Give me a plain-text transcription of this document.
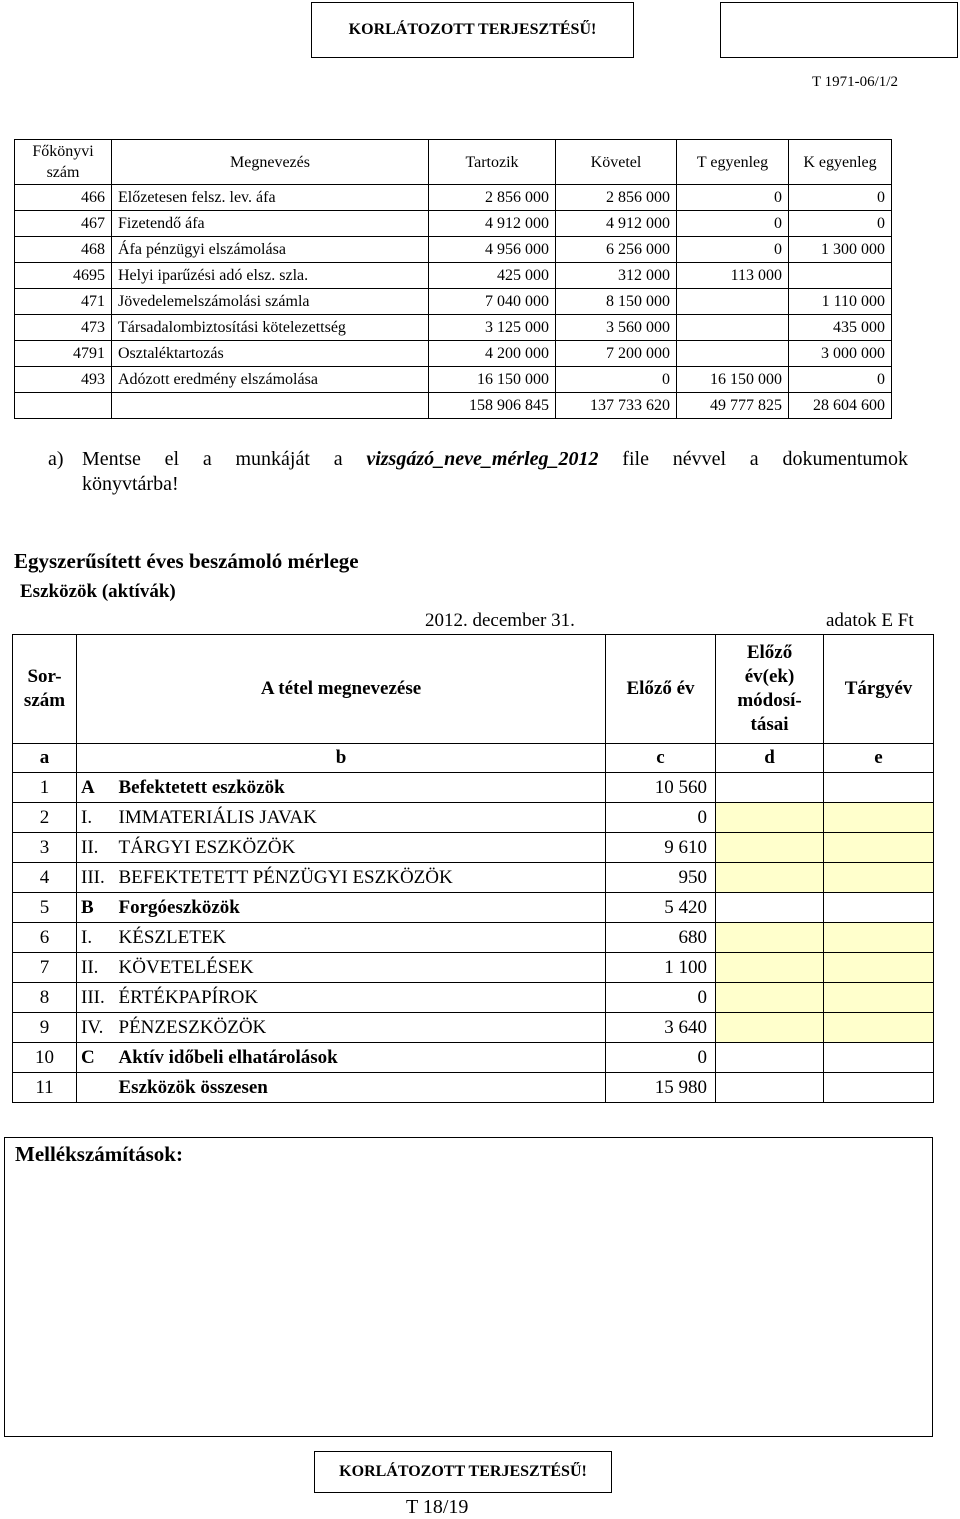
KORLÁTOZOTT TERJESZTÉSŰ!
T 1971-06/1/2
Főkönyvi szám	Megnevezés	Tartozik	Követel	T egyenleg	K egyenleg
466	Előzetesen felsz. lev. áfa	2 856 000	2 856 000	0	0
467	Fizetendő áfa	4 912 000	4 912 000	0	0
468	Áfa pénzügyi elszámolása	4 956 000	6 256 000	0	1 300 000
4695	Helyi iparűzési adó elsz. szla.	425 000	312 000	113 000	
471	Jövedelemelszámolási számla	7 040 000	8 150 000		1 110 000
473	Társadalombiztosítási kötelezettség	3 125 000	3 560 000		435 000
4791	Osztaléktartozás	4 200 000	7 200 000		3 000 000
493	Adózott eredmény elszámolása	16 150 000	0	16 150 000	0
		158 906 845	137 733 620	49 777 825	28 604 600
a) Mentse el a munkáját a vizsgázó_neve_mérleg_2012 file névvel a dokumentumok
könyvtárba!
Egyszerűsített éves beszámoló mérlege
Eszközök (aktívák)
2012. december 31.	adatok E Ft
Sor-szám	A tétel megnevezése		Előző év	Előző év(ek) módosí-tásai	Tárgyév
a	b		c	d	e
1	A	Befektetett eszközök	10 560		
2	I.	IMMATERIÁLIS JAVAK	0		
3	II.	TÁRGYI ESZKÖZÖK	9 610		
4	III.	BEFEKTETETT PÉNZÜGYI ESZKÖZÖK	950		
5	B	Forgóeszközök	5 420		
6	I.	KÉSZLETEK	680		
7	II.	KÖVETELÉSEK	1 100		
8	III.	ÉRTÉKPAPÍROK	0		
9	IV.	PÉNZESZKÖZÖK	3 640		
10	C	Aktív időbeli elhatárolások	0		
11		Eszközök összesen	15 980		
Mellékszámítások:
KORLÁTOZOTT TERJESZTÉSŰ!
T 18/19
